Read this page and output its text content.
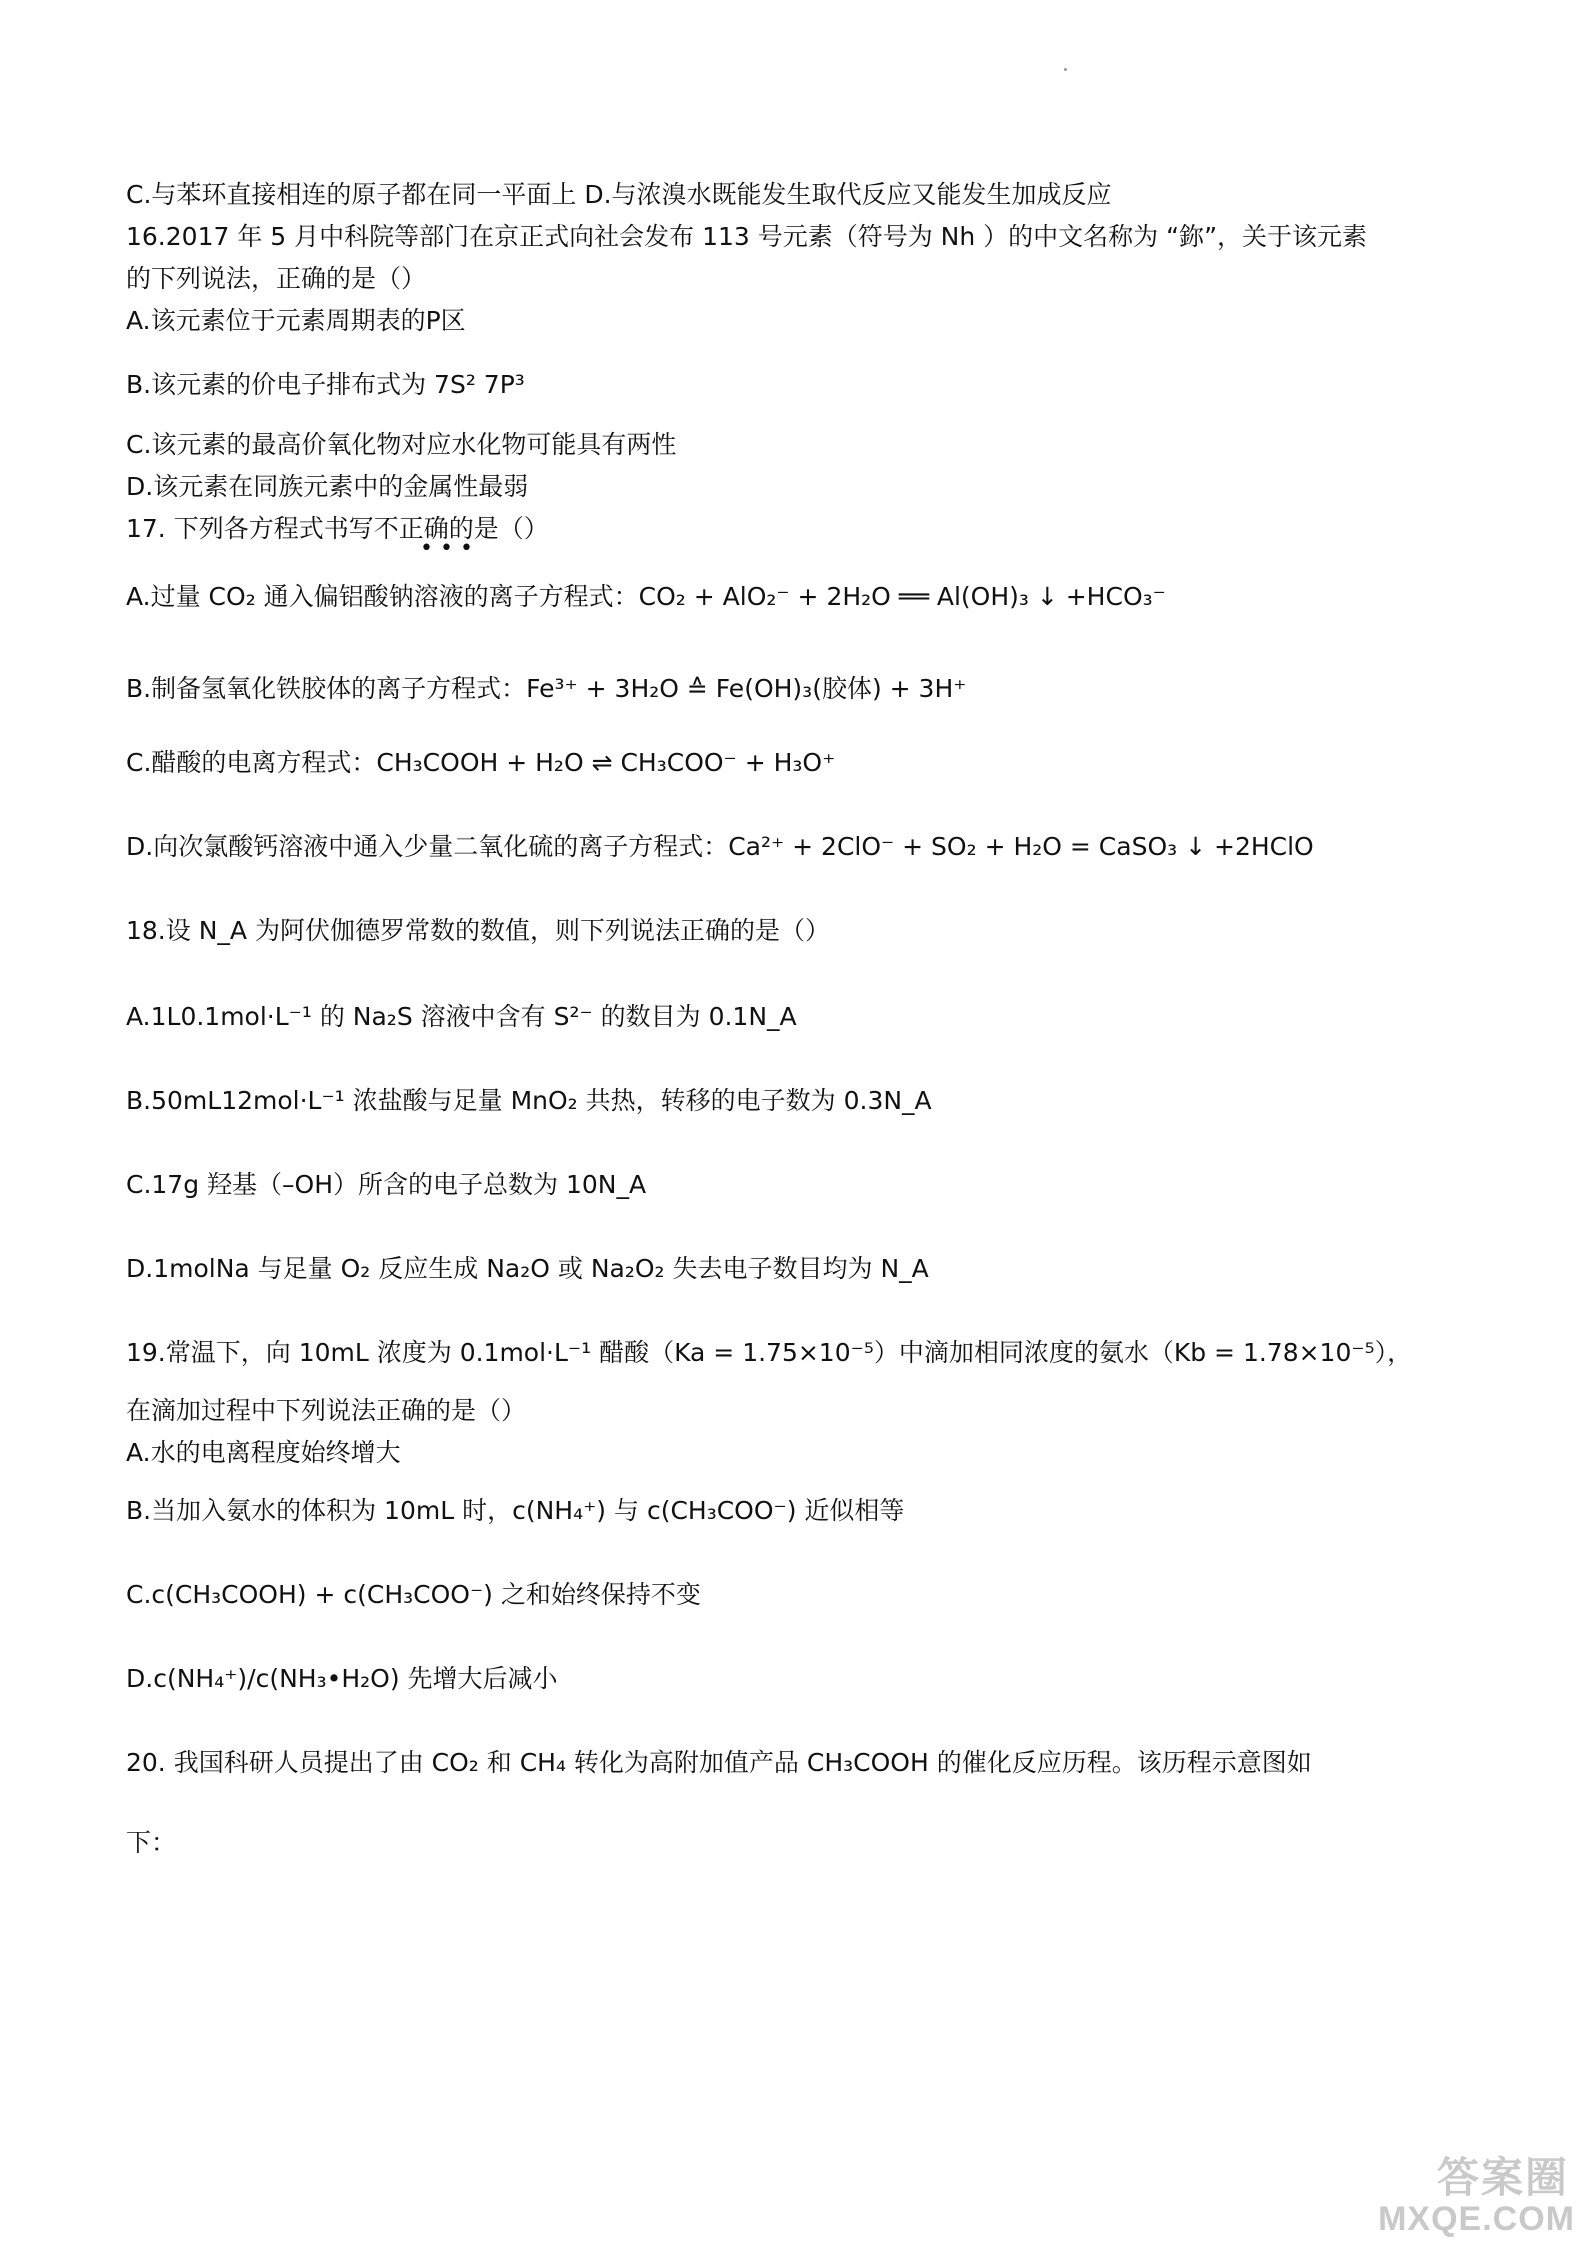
C.与苯环直接相连的原子都在同一平面上 D.与浓溴水既能发生取代反应又能发生加成反应
16.2017 年 5 月中科院等部门在京正式向社会发布 113 号元素（符号为 Nh ）的中文名称为 “鉨”，关于该元素
的下列说法，正确的是（）
A.该元素位于元素周期表的P区
B.该元素的价电子排布式为 7S² 7P³
C.该元素的最高价氧化物对应水化物可能具有两性
D.该元素在同族元素中的金属性最弱
17. 下列各方程式书写不正确的是（）
• • •
A.过量 CO₂ 通入偏铝酸钠溶液的离子方程式：CO₂ + AlO₂⁻ + 2H₂O ══ Al(OH)₃ ↓ +HCO₃⁻
B.制备氢氧化铁胶体的离子方程式：Fe³⁺ + 3H₂O ≙ Fe(OH)₃(胶体) + 3H⁺
C.醋酸的电离方程式：CH₃COOH + H₂O ⇌ CH₃COO⁻ + H₃O⁺
D.向次氯酸钙溶液中通入少量二氧化硫的离子方程式：Ca²⁺ + 2ClO⁻ + SO₂ + H₂O = CaSO₃ ↓ +2HClO
18.设 N_A 为阿伏伽德罗常数的数值，则下列说法正确的是（）
A.1L0.1mol·L⁻¹ 的 Na₂S 溶液中含有 S²⁻ 的数目为 0.1N_A
B.50mL12mol·L⁻¹ 浓盐酸与足量 MnO₂ 共热，转移的电子数为 0.3N_A
C.17g 羟基（–OH）所含的电子总数为 10N_A
D.1molNa 与足量 O₂ 反应生成 Na₂O 或 Na₂O₂ 失去电子数目均为 N_A
19.常温下，向 10mL 浓度为 0.1mol·L⁻¹ 醋酸（Ka = 1.75×10⁻⁵）中滴加相同浓度的氨水（Kb = 1.78×10⁻⁵），
在滴加过程中下列说法正确的是（）
A.水的电离程度始终增大
B.当加入氨水的体积为 10mL 时，c(NH₄⁺) 与 c(CH₃COO⁻) 近似相等
C.c(CH₃COOH) + c(CH₃COO⁻) 之和始终保持不变
D.c(NH₄⁺)/c(NH₃•H₂O) 先增大后减小
20. 我国科研人员提出了由 CO₂ 和 CH₄ 转化为高附加值产品 CH₃COOH 的催化反应历程。该历程示意图如
下：
答案圈
MXQE.COM
